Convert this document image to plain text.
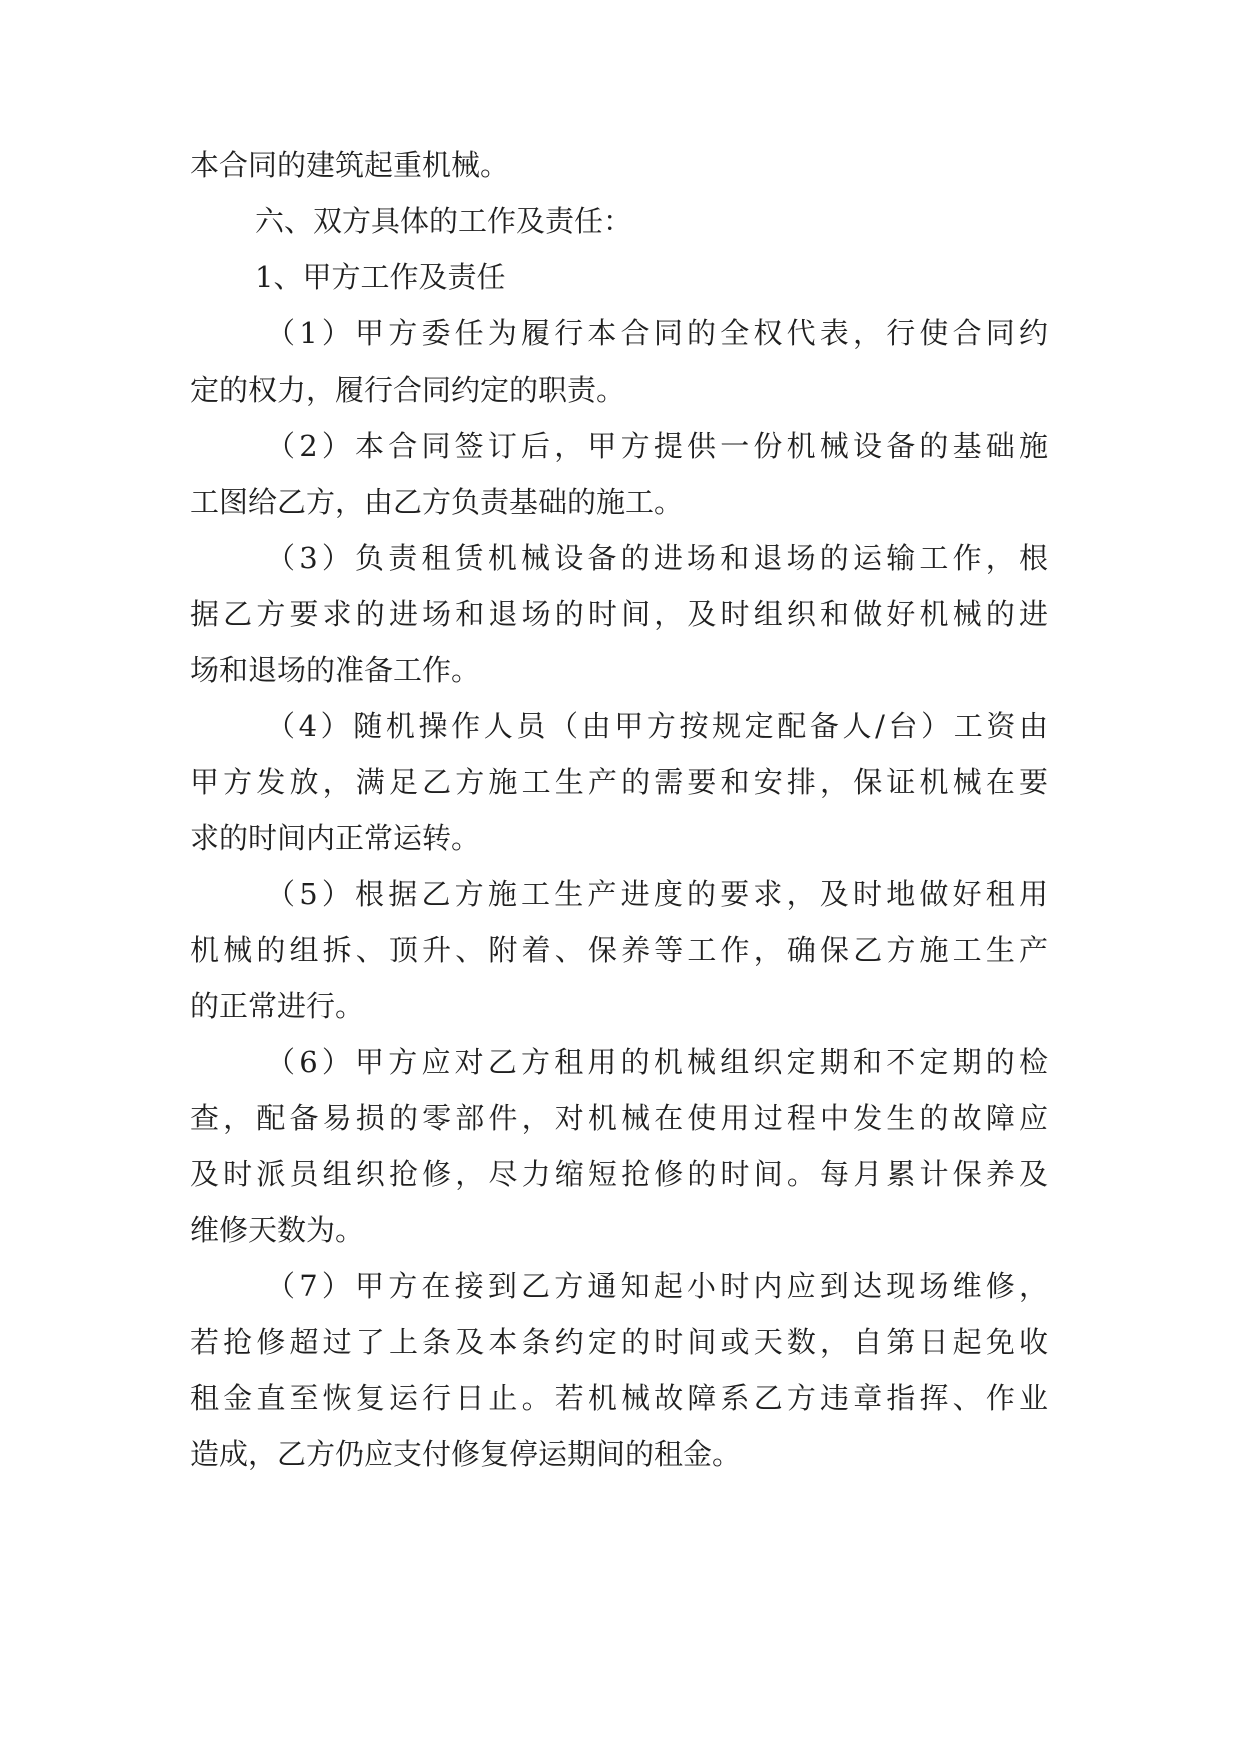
本合同的建筑起重机械。
六、双方具体的工作及责任：
1、甲方工作及责任
（1）甲方委任为履行本合同的全权代表，行使合同约
定的权力，履行合同约定的职责。
（2）本合同签订后，甲方提供一份机械设备的基础施
工图给乙方，由乙方负责基础的施工。
（3）负责租赁机械设备的进场和退场的运输工作，根
据乙方要求的进场和退场的时间，及时组织和做好机械的进
场和退场的准备工作。
（4）随机操作人员（由甲方按规定配备人/台）工资由
甲方发放，满足乙方施工生产的需要和安排，保证机械在要
求的时间内正常运转。
（5）根据乙方施工生产进度的要求，及时地做好租用
机械的组拆、顶升、附着、保养等工作，确保乙方施工生产
的正常进行。
（6）甲方应对乙方租用的机械组织定期和不定期的检
查，配备易损的零部件，对机械在使用过程中发生的故障应
及时派员组织抢修，尽力缩短抢修的时间。每月累计保养及
维修天数为。
（7）甲方在接到乙方通知起小时内应到达现场维修，
若抢修超过了上条及本条约定的时间或天数，自第日起免收
租金直至恢复运行日止。若机械故障系乙方违章指挥、作业
造成，乙方仍应支付修复停运期间的租金。
